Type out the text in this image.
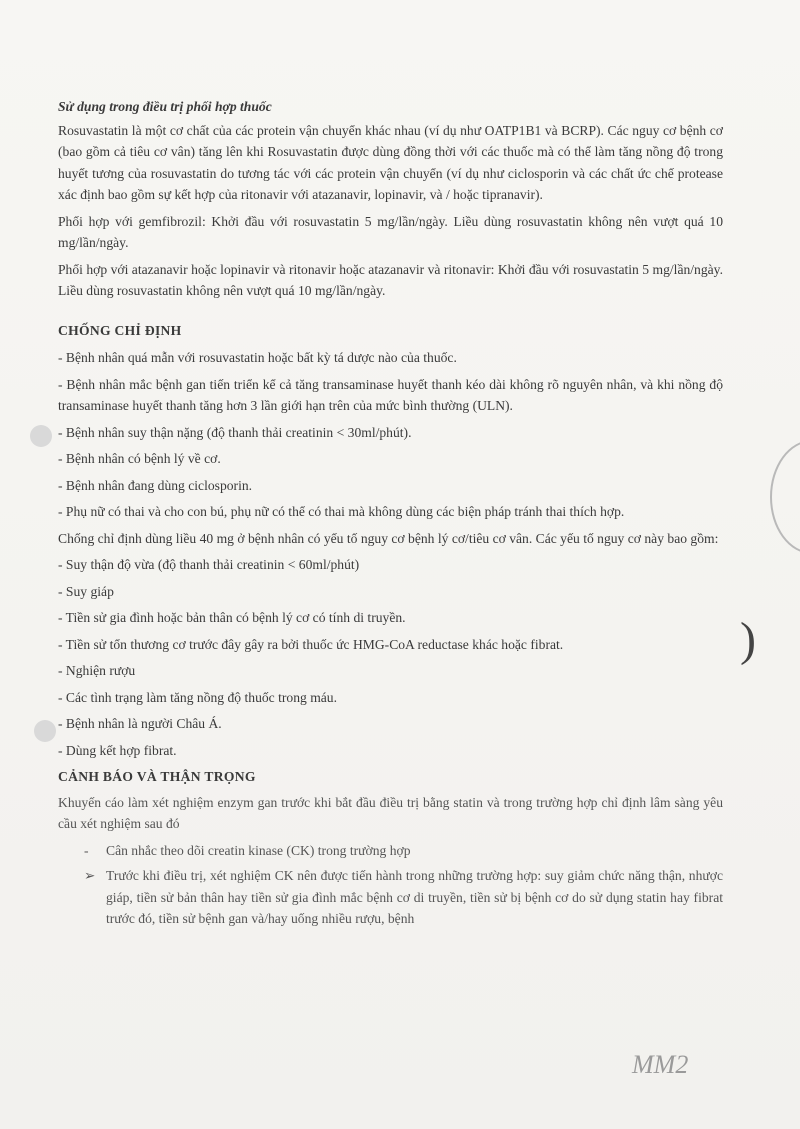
)

Sử dụng trong điều trị phối hợp thuốc

Rosuvastatin là một cơ chất của các protein vận chuyển khác nhau (ví dụ như OATP1B1 và BCRP). Các nguy cơ bệnh cơ (bao gồm cả tiêu cơ vân) tăng lên khi Rosuvastatin được dùng đồng thời với các thuốc mà có thể làm tăng nồng độ trong huyết tương của rosuvastatin do tương tác với các protein vận chuyển (ví dụ như ciclosporin và các chất ức chế protease xác định bao gồm sự kết hợp của ritonavir với atazanavir, lopinavir, và / hoặc tipranavir).

Phối hợp với gemfibrozil: Khởi đầu với rosuvastatin 5 mg/lần/ngày. Liều dùng rosuvastatin không nên vượt quá 10 mg/lần/ngày.

Phối hợp với atazanavir hoặc lopinavir và ritonavir hoặc atazanavir và ritonavir: Khởi đầu với rosuvastatin 5 mg/lần/ngày. Liều dùng rosuvastatin không nên vượt quá 10 mg/lần/ngày.

CHỐNG CHỈ ĐỊNH
- Bệnh nhân quá mẫn với rosuvastatin hoặc bất kỳ tá dược nào của thuốc.
- Bệnh nhân mắc bệnh gan tiến triển kể cả tăng transaminase huyết thanh kéo dài không rõ nguyên nhân, và khi nồng độ transaminase huyết thanh tăng hơn 3 lần giới hạn trên của mức bình thường (ULN).
- Bệnh nhân suy thận nặng (độ thanh thải creatinin < 30ml/phút).
- Bệnh nhân có bệnh lý về cơ.
- Bệnh nhân đang dùng ciclosporin.
- Phụ nữ có thai và cho con bú, phụ nữ có thể có thai mà không dùng các biện pháp tránh thai thích hợp.

Chống chỉ định dùng liều 40 mg ở bệnh nhân có yếu tố nguy cơ bệnh lý cơ/tiêu cơ vân. Các yếu tố nguy cơ này bao gồm:

- Suy thận độ vừa (độ thanh thải creatinin < 60ml/phút)
- Suy giáp
- Tiền sử gia đình hoặc bản thân có bệnh lý cơ có tính di truyền.
- Tiền sử tổn thương cơ trước đây gây ra bởi thuốc ức HMG-CoA reductase khác hoặc fibrat.
- Nghiện rượu
- Các tình trạng làm tăng nồng độ thuốc trong máu.
- Bệnh nhân là người Châu Á.
- Dùng kết hợp fibrat.
CẢNH BÁO VÀ THẬN TRỌNG

Khuyến cáo làm xét nghiệm enzym gan trước khi bắt đầu điều trị bằng statin và trong trường hợp chỉ định lâm sàng yêu cầu xét nghiệm sau đó

- Cân nhắc theo dõi creatin kinase (CK) trong trường hợp
➢ Trước khi điều trị, xét nghiệm CK nên được tiến hành trong những trường hợp: suy giảm chức năng thận, nhược giáp, tiền sử bản thân hay tiền sử gia đình mắc bệnh cơ di truyền, tiền sử bị bệnh cơ do sử dụng statin hay fibrat trước đó, tiền sử bệnh gan và/hay uống nhiều rượu, bệnh
MM2
